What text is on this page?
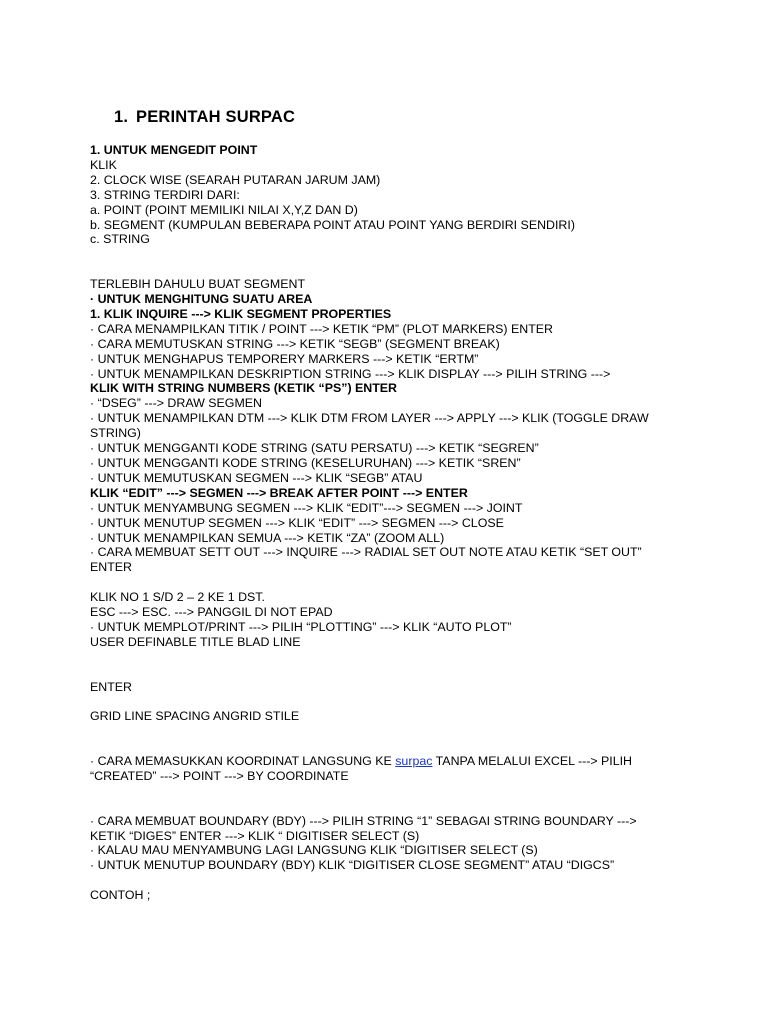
1. PERINTAH SURPAC
1. UNTUK MENGEDIT POINT
KLIK
2. CLOCK WISE (SEARAH PUTARAN JARUM JAM)
3. STRING TERDIRI DARI:
a. POINT (POINT MEMILIKI NILAI X,Y,Z DAN D)
b. SEGMENT (KUMPULAN BEBERAPA POINT ATAU POINT YANG BERDIRI SENDIRI)
c. STRING
TERLEBIH DAHULU BUAT SEGMENT
· UNTUK MENGHITUNG SUATU AREA
1. KLIK INQUIRE ---> KLIK SEGMENT PROPERTIES
· CARA MENAMPILKAN TITIK / POINT ---> KETIK “PM” (PLOT MARKERS) ENTER
· CARA MEMUTUSKAN STRING ---> KETIK “SEGB” (SEGMENT BREAK)
· UNTUK MENGHAPUS TEMPORERY MARKERS ---> KETIK “ERTM”
· UNTUK MENAMPILKAN DESKRIPTION STRING ---> KLIK DISPLAY ---> PILIH STRING --->
KLIK WITH STRING NUMBERS (KETIK “PS”) ENTER
· “DSEG” ---> DRAW SEGMEN
· UNTUK MENAMPILKAN DTM ---> KLIK DTM FROM LAYER ---> APPLY ---> KLIK (TOGGLE DRAW STRING)
· UNTUK MENGGANTI KODE STRING (SATU PERSATU) ---> KETIK “SEGREN”
· UNTUK MENGGANTI KODE STRING (KESELURUHAN) ---> KETIK “SREN”
· UNTUK MEMUTUSKAN SEGMEN ---> KLIK “SEGB” ATAU
KLIK “EDIT” ---> SEGMEN ---> BREAK AFTER POINT ---> ENTER
· UNTUK MENYAMBUNG SEGMEN ---> KLIK “EDIT”---> SEGMEN ---> JOINT
· UNTUK MENUTUP SEGMEN ---> KLIK “EDIT” ---> SEGMEN ---> CLOSE
· UNTUK MENAMPILKAN SEMUA ---> KETIK “ZA” (ZOOM ALL)
· CARA MEMBUAT SETT OUT ---> INQUIRE ---> RADIAL SET OUT NOTE ATAU KETIK “SET OUT”
ENTER
KLIK NO 1 S/D 2 – 2 KE 1 DST.
ESC ---> ESC. ---> PANGGIL DI NOT EPAD
· UNTUK MEMPLOT/PRINT ---> PILIH “PLOTTING” ---> KLIK “AUTO PLOT”
USER DEFINABLE TITLE BLAD LINE
ENTER
GRID LINE SPACING ANGRID STILE
· CARA MEMASUKKAN KOORDINAT LANGSUNG KE surpac TANPA MELALUI EXCEL ---> PILIH “CREATED” ---> POINT ---> BY COORDINATE
· CARA MEMBUAT BOUNDARY (BDY) ---> PILIH STRING “1” SEBAGAI STRING BOUNDARY --->
KETIK “DIGES” ENTER ---> KLIK “ DIGITISER SELECT (S)
· KALAU MAU MENYAMBUNG LAGI LANGSUNG KLIK “DIGITISER SELECT (S)
· UNTUK MENUTUP BOUNDARY (BDY) KLIK “DIGITISER CLOSE SEGMENT” ATAU “DIGCS”
CONTOH ;
